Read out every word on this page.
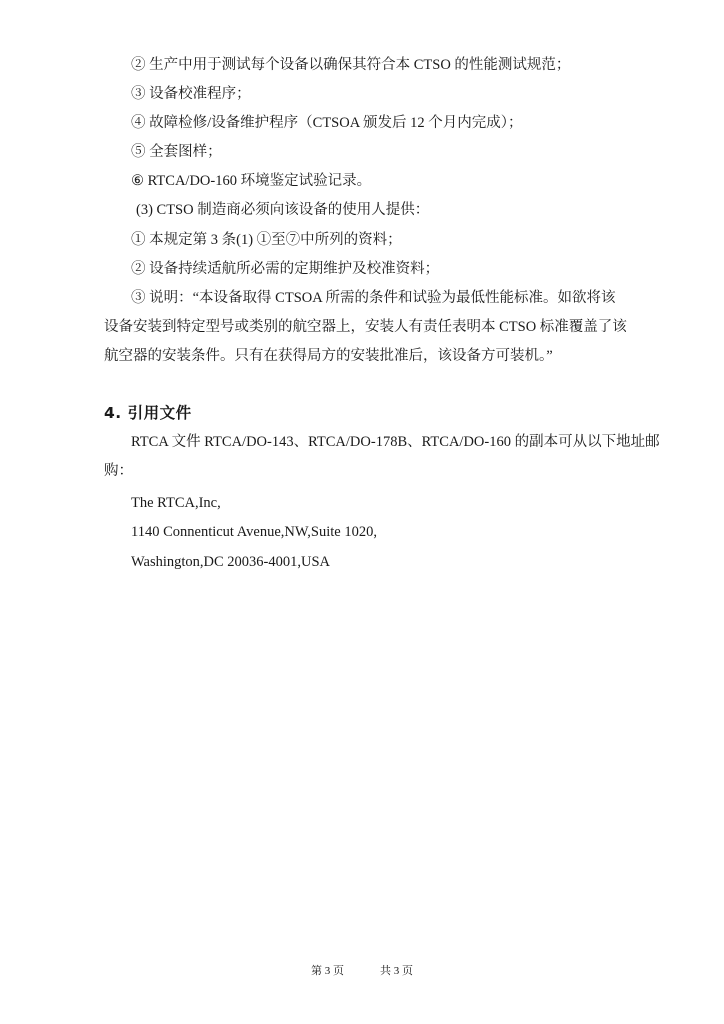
② 生产中用于测试每个设备以确保其符合本 CTSO 的性能测试规范；
③ 设备校准程序；
④ 故障检修/设备维护程序（CTSOA 颁发后 12 个月内完成）；
⑤ 全套图样；
⑥ RTCA/DO-160 环境鉴定试验记录。
(3) CTSO 制造商必须向该设备的使用人提供：
① 本规定第 3 条(1) ①至⑦中所列的资料；
② 设备持续适航所必需的定期维护及校准资料；
③ 说明：“本设备取得 CTSOA 所需的条件和试验为最低性能标准。如欲将该
设备安装到特定型号或类别的航空器上，安装人有责任表明本 CTSO 标准覆盖了该
航空器的安装条件。只有在获得局方的安装批准后，该设备方可装机。”
4. 引用文件
RTCA 文件 RTCA/DO-143、RTCA/DO-178B、RTCA/DO-160 的副本可从以下地址邮
购：
The RTCA,Inc,
1140 Connenticut Avenue,NW,Suite 1020,
Washington,DC 20036-4001,USA
第 3 页	共 3 页
